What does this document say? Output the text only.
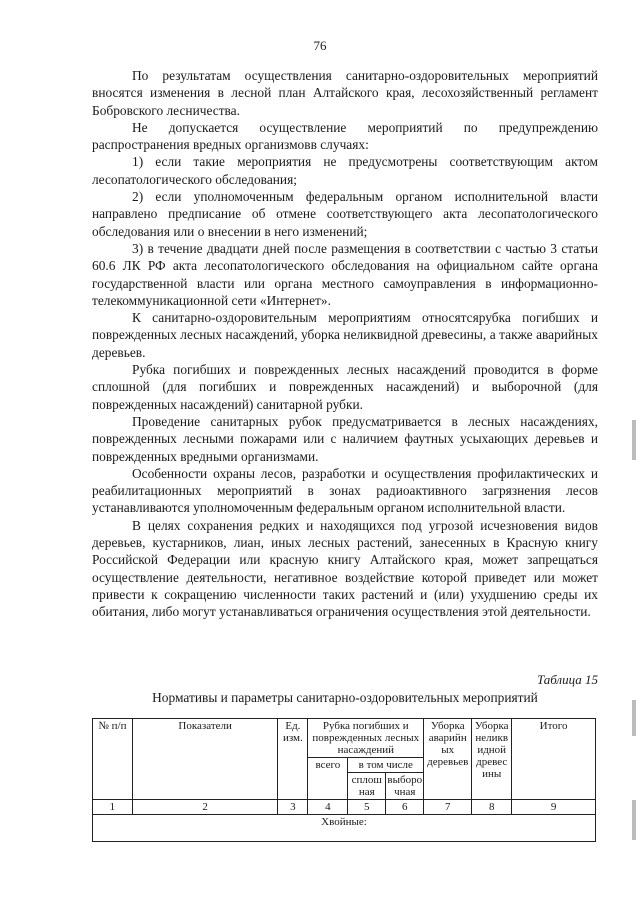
76

По результатам осуществления санитарно-оздоровительных мероприятий вносятся изменения в лесной план Алтайского края, лесохозяйственный регламент Бобровского лесничества.

Не допускается осуществление мероприятий по предупреждению распространения вредных организмовв случаях:

1) если такие мероприятия не предусмотрены соответствующим актом лесопатологического обследования;

2) если уполномоченным федеральным органом исполнительной власти направлено предписание об отмене соответствующего акта лесопатологического обследования или о внесении в него изменений;

3) в течение двадцати дней после размещения в соответствии с частью 3 статьи 60.6 ЛК РФ акта лесопатологического обследования на официальном сайте органа государственной власти или органа местного самоуправления в информационно-телекоммуникационной сети «Интернет».

К санитарно-оздоровительным мероприятиям относятсярубка погибших и поврежденных лесных насаждений, уборка неликвидной древесины, а также аварийных деревьев.

Рубка погибших и поврежденных лесных насаждений проводится в форме сплошной (для погибших и поврежденных насаждений) и выборочной (для поврежденных насаждений) санитарной рубки.

Проведение санитарных рубок предусматривается в лесных насаждениях, поврежденных лесными пожарами или с наличием фаутных усыхающих деревьев и поврежденных вредными организмами.

Особенности охраны лесов, разработки и осуществления профилактических и реабилитационных мероприятий в зонах радиоактивного загрязнения лесов устанавливаются уполномоченным федеральным органом исполнительной власти.

В целях сохранения редких и находящихся под угрозой исчезновения видов деревьев, кустарников, лиан, иных лесных растений, занесенных в Красную книгу Российской Федерации или красную книгу Алтайского края, может запрещаться осуществление деятельности, негативное воздействие которой приведет или может привести к сокращению численности таких растений и (или) ухудшению среды их обитания, либо могут устанавливаться ограничения осуществления этой деятельности.

Таблица 15
Нормативы и параметры санитарно-оздоровительных мероприятий
№ п/п	Показатели	Ед. изм.	Рубка погибших и поврежденных лесных насаждений			Уборка аварийн ых деревьев	Уборка неликв идной древес ины	Итого
			всего	в том числе				
				сплош ная	выборо чная			
1	2	3	4	5	6	7	8	9
Хвойные:								
